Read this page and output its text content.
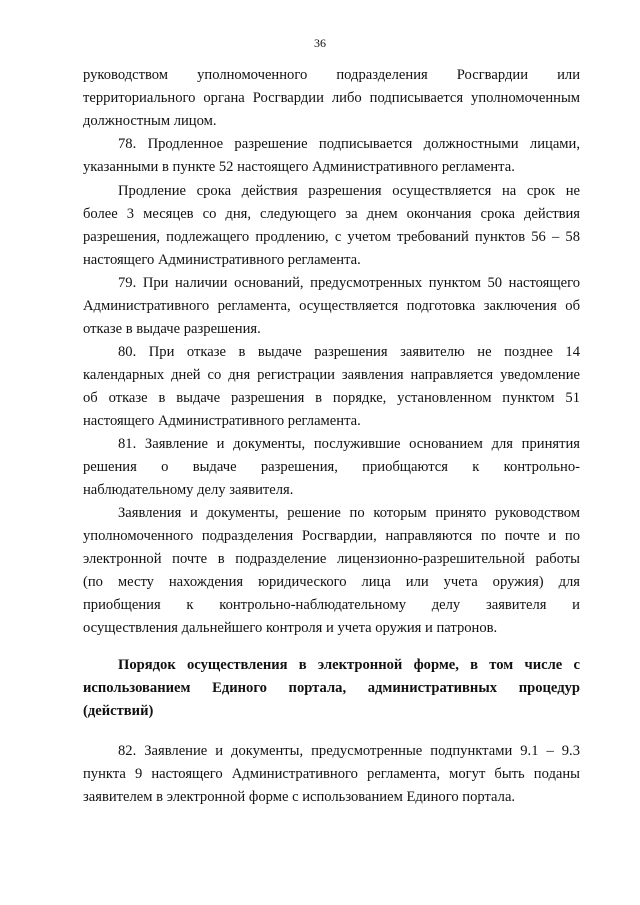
36
руководством уполномоченного подразделения Росгвардии или
территориального органа Росгвардии либо подписывается уполномоченным
должностным лицом.
78. Продленное разрешение подписывается должностными лицами,
указанными в пункте 52 настоящего Административного регламента.
Продление срока действия разрешения осуществляется на срок не
более 3 месяцев со дня, следующего за днем окончания срока действия
разрешения, подлежащего продлению, с учетом требований пунктов 56 – 58
настоящего Административного регламента.
79. При наличии оснований, предусмотренных пунктом 50 настоящего
Административного регламента, осуществляется подготовка заключения об
отказе в выдаче разрешения.
80. При отказе в выдаче разрешения заявителю не позднее 14
календарных дней со дня регистрации заявления направляется уведомление
об отказе в выдаче разрешения в порядке, установленном пунктом 51
настоящего Административного регламента.
81. Заявление и документы, послужившие основанием для принятия
решения о выдаче разрешения, приобщаются к контрольно-
наблюдательному делу заявителя.
Заявления и документы, решение по которым принято руководством
уполномоченного подразделения Росгвардии, направляются по почте и по
электронной почте в подразделение лицензионно-разрешительной работы
(по месту нахождения юридического лица или учета оружия) для
приобщения к контрольно-наблюдательному делу заявителя и
осуществления дальнейшего контроля и учета оружия и патронов.
Порядок осуществления в электронной форме, в том числе с
использованием Единого портала, административных процедур
(действий)
82. Заявление и документы, предусмотренные подпунктами 9.1 – 9.3
пункта 9 настоящего Административного регламента, могут быть поданы
заявителем в электронной форме с использованием Единого портала.
